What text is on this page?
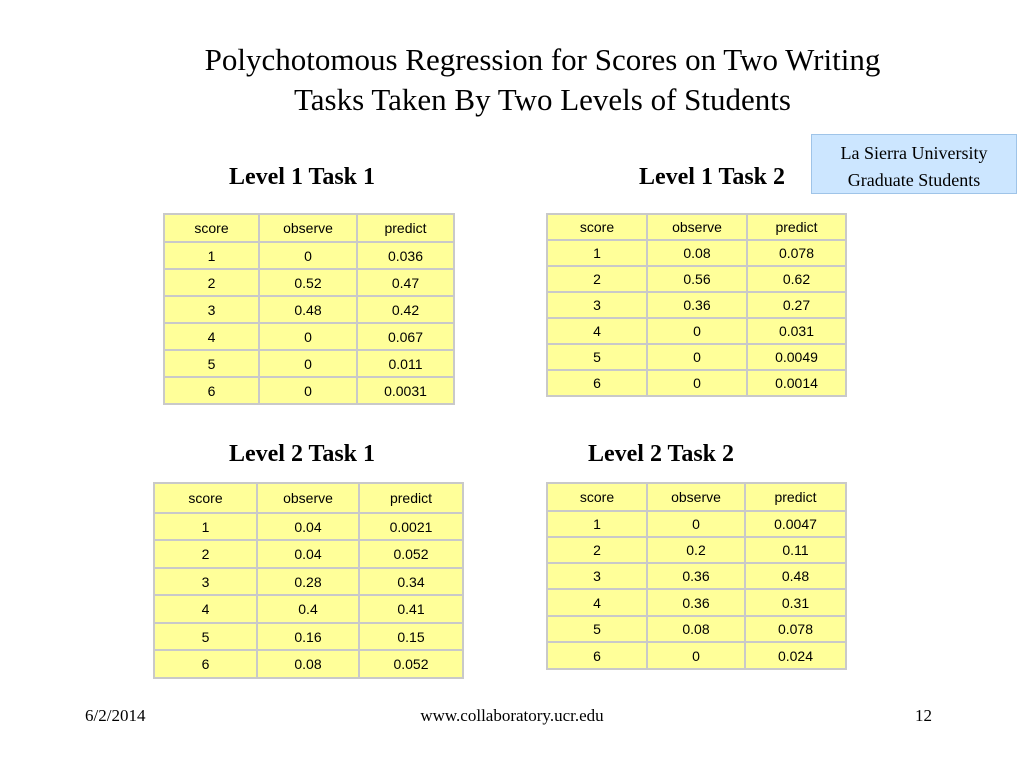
Polychotomous Regression for Scores on Two Writing
Tasks Taken By Two Levels of Students
La Sierra University
Graduate Students
Level 1 Task 1
score	observe	predict
1	0	0.036
2	0.52	0.47
3	0.48	0.42
4	0	0.067
5	0	0.011
6	0	0.0031
Level 1 Task 2
score	observe	predict
1	0.08	0.078
2	0.56	0.62
3	0.36	0.27
4	0	0.031
5	0	0.0049
6	0	0.0014
Level 2 Task 1
score	observe	predict
1	0.04	0.0021
2	0.04	0.052
3	0.28	0.34
4	0.4	0.41
5	0.16	0.15
6	0.08	0.052
Level 2 Task 2
score	observe	predict
1	0	0.0047
2	0.2	0.11
3	0.36	0.48
4	0.36	0.31
5	0.08	0.078
6	0	0.024
6/2/2014	www.collaboratory.ucr.edu	12
